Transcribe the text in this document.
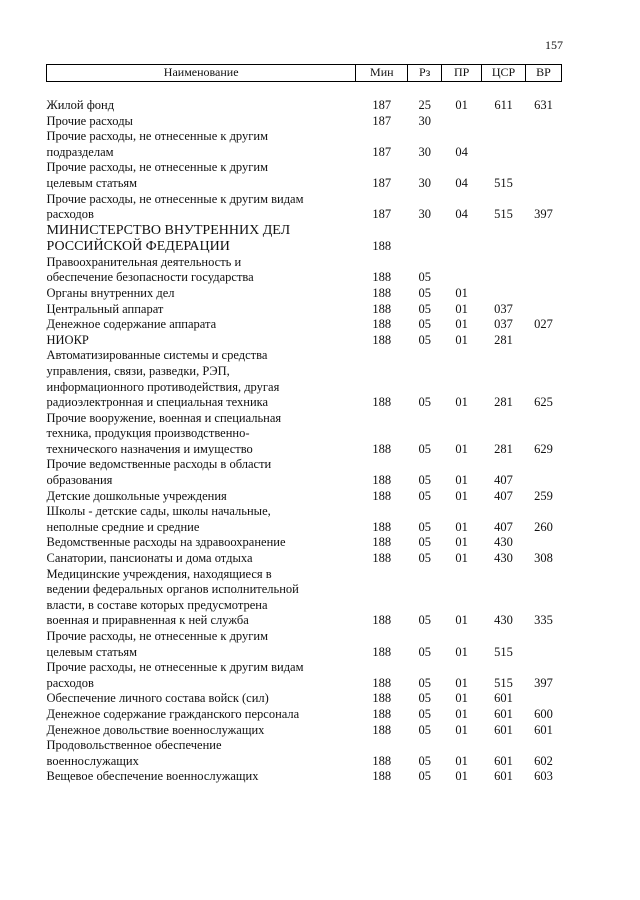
157
Наименование	Мин	Рз	ПР	ЦСР	ВР

Жилой фонд	187	25	01	611	631

Прочие расходы	187	30			

Прочие расходы, не отнесенные к другим
подразделам	187	30	04		

Прочие расходы, не отнесенные к другим
целевым статьям	187	30	04	515	

Прочие расходы, не отнесенные к другим видам
расходов	187	30	04	515	397

МИНИСТЕРСТВО ВНУТРЕННИХ ДЕЛ
РОССИЙСКОЙ ФЕДЕРАЦИИ	188				

Правоохранительная деятельность и
обеспечение безопасности государства	188	05			

Органы внутренних дел	188	05	01		

Центральный аппарат	188	05	01	037	

Денежное содержание аппарата	188	05	01	037	027

НИОКР	188	05	01	281	

Автоматизированные системы и средства
управления, связи, разведки, РЭП,
информационного противодействия, другая
радиоэлектронная и специальная техника	188	05	01	281	625

Прочие вооружение, военная и специальная
техника, продукция производственно-
технического назначения и имущество	188	05	01	281	629

Прочие ведомственные расходы в области
образования	188	05	01	407	

Детские дошкольные учреждения	188	05	01	407	259

Школы - детские сады, школы начальные,
неполные средние и средние	188	05	01	407	260

Ведомственные расходы на здравоохранение	188	05	01	430	

Санатории, пансионаты и дома отдыха	188	05	01	430	308

Медицинские учреждения, находящиеся в
ведении федеральных органов исполнительной
власти, в составе которых предусмотрена
военная и приравненная к ней служба	188	05	01	430	335

Прочие расходы, не отнесенные к другим
целевым статьям	188	05	01	515	

Прочие расходы, не отнесенные к другим видам
расходов	188	05	01	515	397

Обеспечение личного состава войск (сил)	188	05	01	601	

Денежное содержание гражданского персонала	188	05	01	601	600

Денежное довольствие военнослужащих	188	05	01	601	601

Продовольственное обеспечение
военнослужащих	188	05	01	601	602

Вещевое обеспечение военнослужащих	188	05	01	601	603
